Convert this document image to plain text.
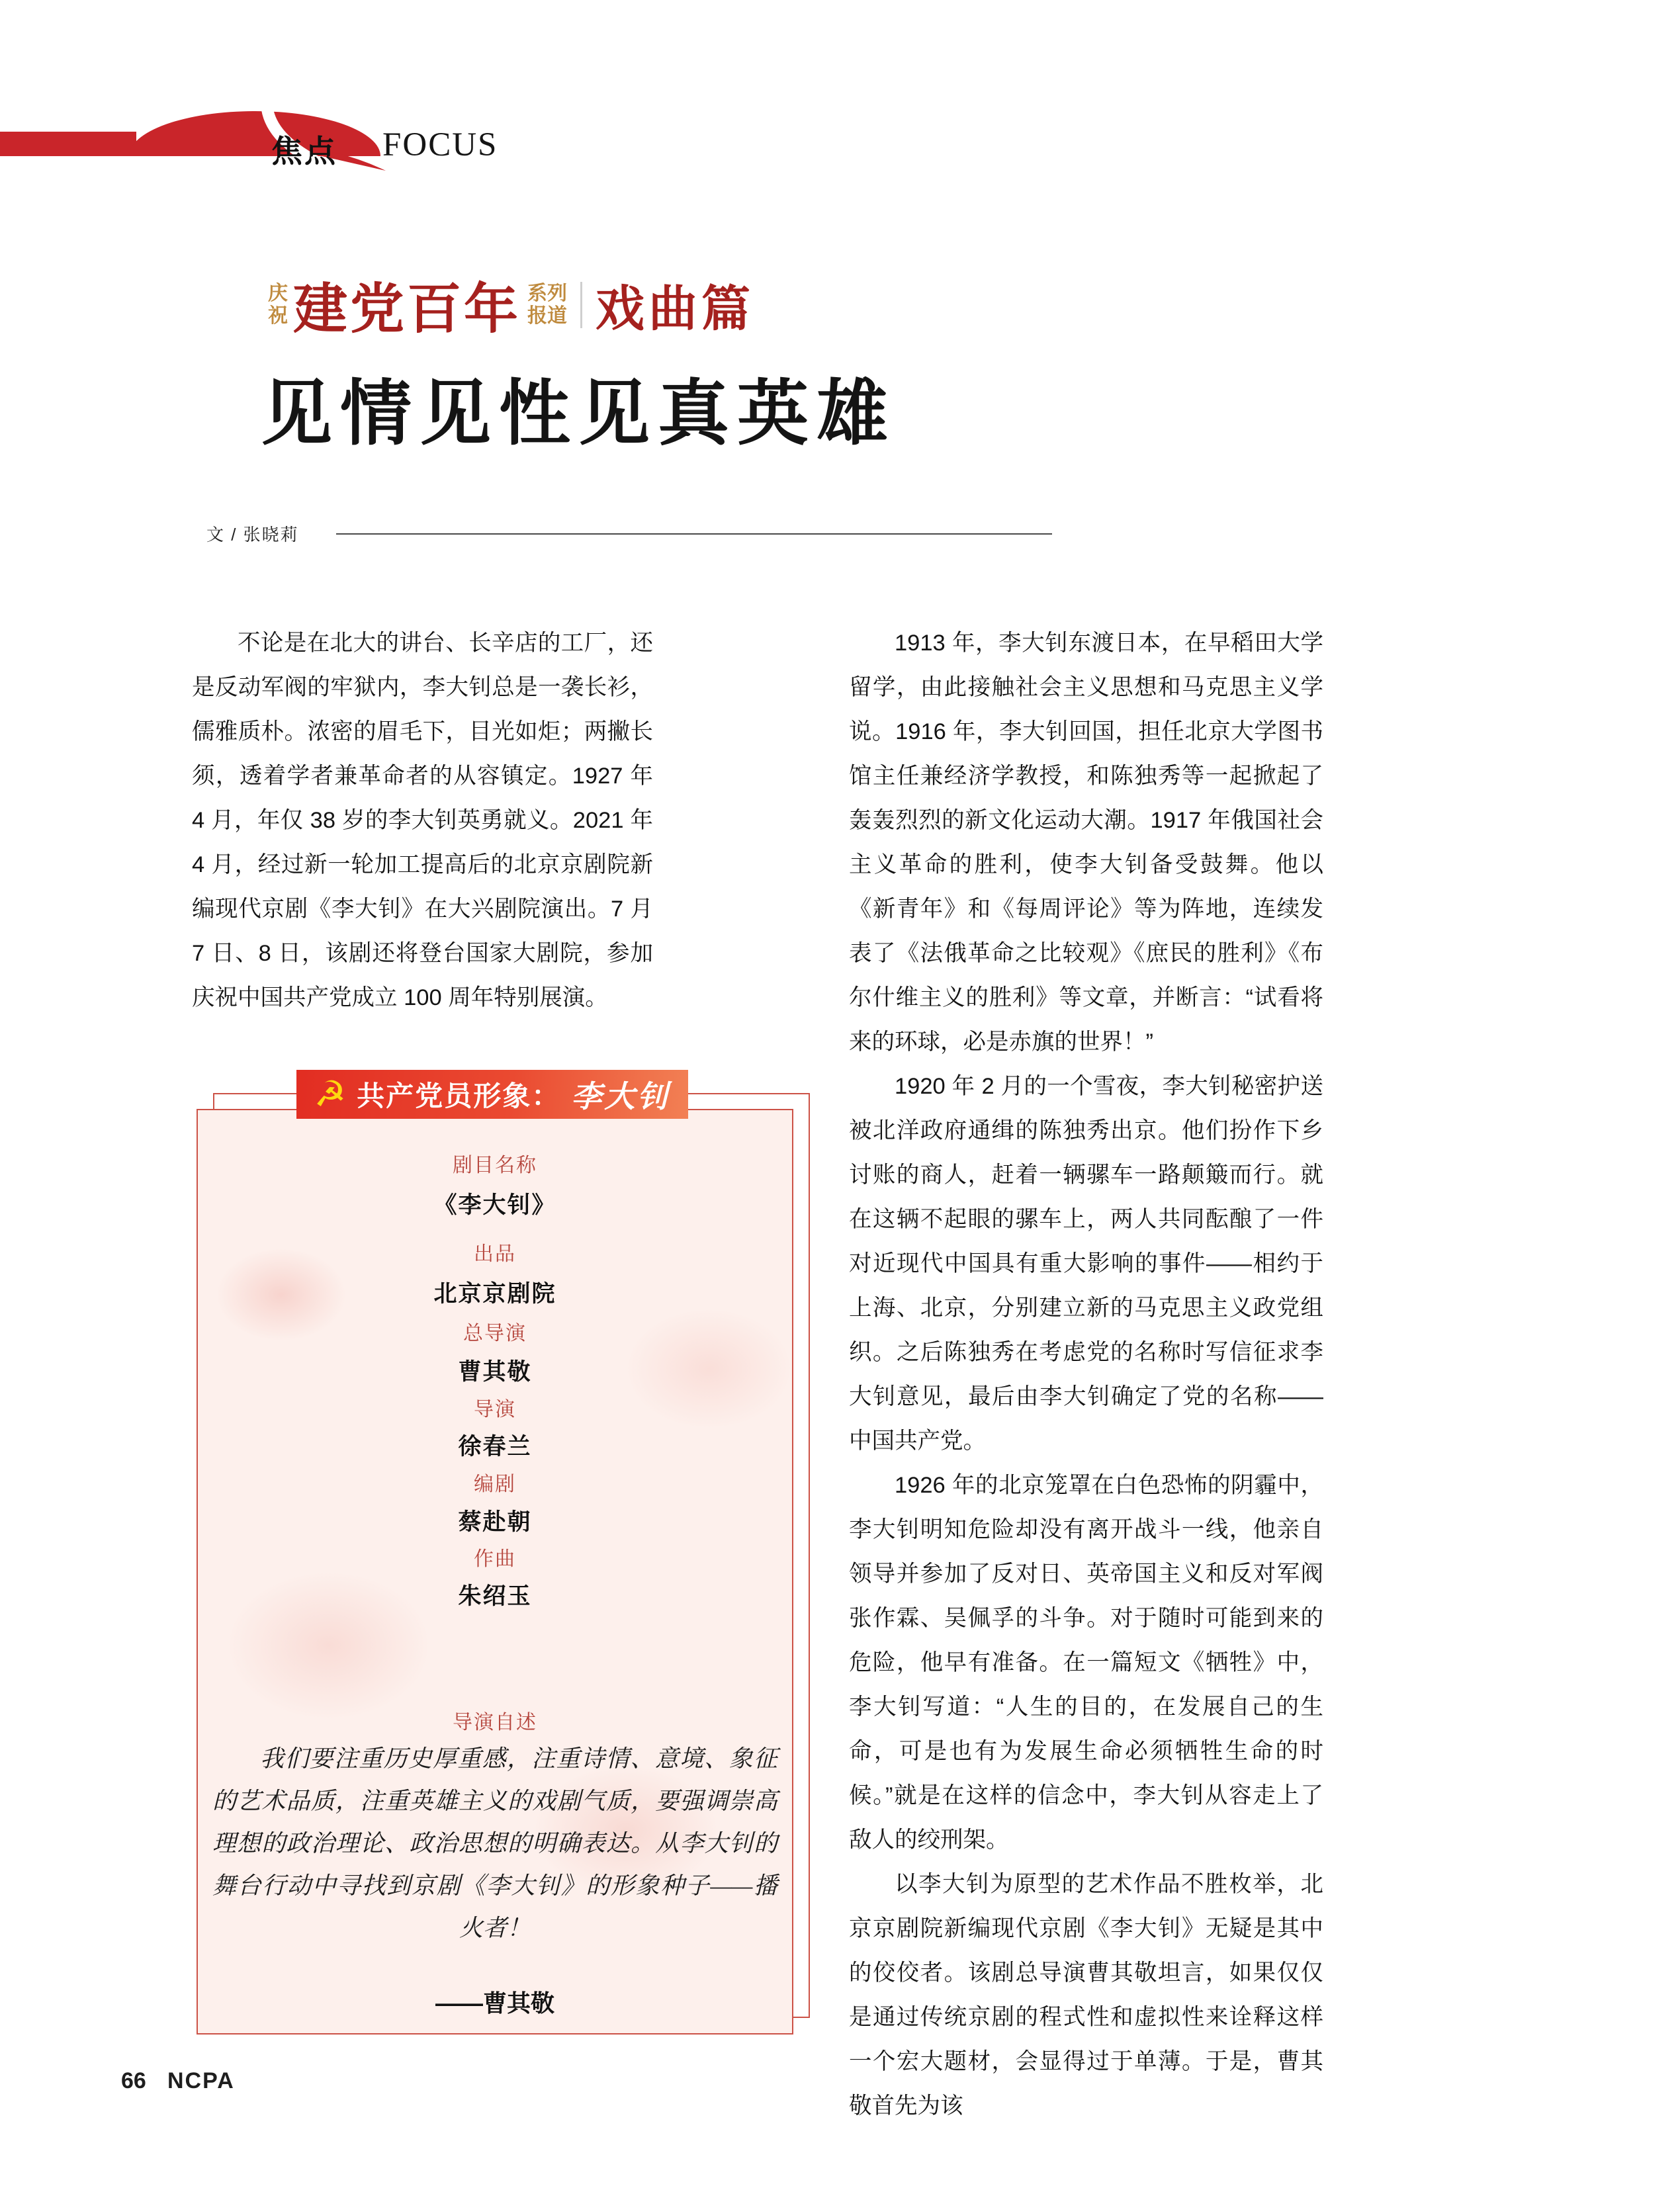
焦点 FOCUS
庆
祝 建党百年 系列
报道 戏曲篇
见情见性见真英雄
文 / 张晓莉

不论是在北大的讲台、长辛店的工厂，还是反动军阀的牢狱内，李大钊总是一袭长衫，儒雅质朴。浓密的眉毛下，目光如炬；两撇长须，透着学者兼革命者的从容镇定。1927 年 4 月，年仅 38 岁的李大钊英勇就义。2021 年 4 月，经过新一轮加工提高后的北京京剧院新编现代京剧《李大钊》在大兴剧院演出。7 月 7 日、8 日，该剧还将登台国家大剧院，参加庆祝中国共产党成立 100 周年特别展演。

1913 年，李大钊东渡日本，在早稻田大学留学，由此接触社会主义思想和马克思主义学说。1916 年，李大钊回国，担任北京大学图书馆主任兼经济学教授，和陈独秀等一起掀起了轰轰烈烈的新文化运动大潮。1917 年俄国社会主义革命的胜利，使李大钊备受鼓舞。他以《新青年》和《每周评论》等为阵地，连续发表了《法俄革命之比较观》《庶民的胜利》《布尔什维主义的胜利》等文章，并断言：“试看将来的环球，必是赤旗的世界！”

1920 年 2 月的一个雪夜，李大钊秘密护送被北洋政府通缉的陈独秀出京。他们扮作下乡讨账的商人，赶着一辆骡车一路颠簸而行。就在这辆不起眼的骡车上，两人共同酝酿了一件对近现代中国具有重大影响的事件——相约于上海、北京，分别建立新的马克思主义政党组织。之后陈独秀在考虑党的名称时写信征求李大钊意见，最后由李大钊确定了党的名称——中国共产党。

1926 年的北京笼罩在白色恐怖的阴霾中，李大钊明知危险却没有离开战斗一线，他亲自领导并参加了反对日、英帝国主义和反对军阀张作霖、吴佩孚的斗争。对于随时可能到来的危险，他早有准备。在一篇短文《牺牲》中，李大钊写道：“人生的目的，在发展自己的生命，可是也有为发展生命必须牺牲生命的时候。”就是在这样的信念中，李大钊从容走上了敌人的绞刑架。

以李大钊为原型的艺术作品不胜枚举，北京京剧院新编现代京剧《李大钊》无疑是其中的佼佼者。该剧总导演曹其敬坦言，如果仅仅是通过传统京剧的程式性和虚拟性来诠释这样一个宏大题材，会显得过于单薄。于是，曹其敬首先为该

剧目名称
《李大钊》
出品
北京京剧院
总导演
曹其敬
导演
徐春兰
编剧
蔡赴朝
作曲
朱绍玉
导演自述
我们要注重历史厚重感，注重诗情、意境、象征的艺术品质，注重英雄主义的戏剧气质，要强调崇高理想的政治理论、政治思想的明确表达。从李大钊的舞台行动中寻找到京剧《李大钊》的形象种子——播火者！
——曹其敬
☭ 共产党员形象： 李大钊
66 NCPA
